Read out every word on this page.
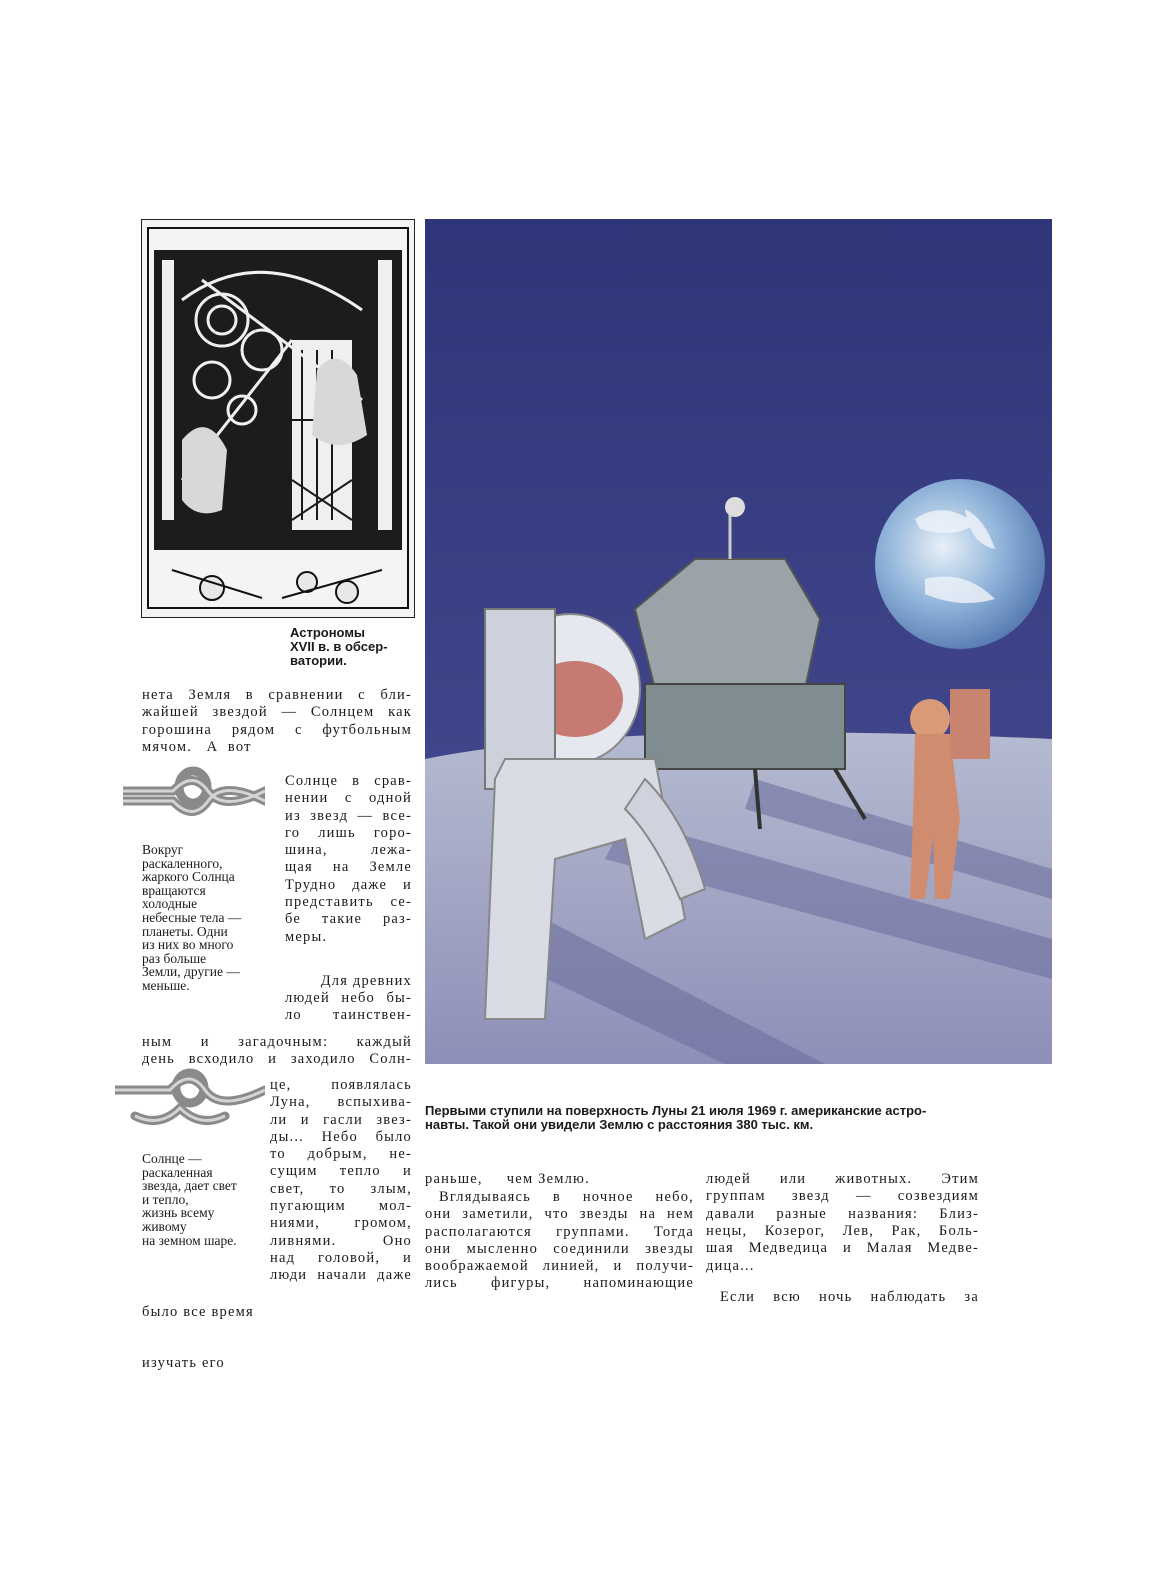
Астрономы
XVII в. в обсер-
ватории.
Первыми ступили на поверхность Луны 21 июля 1969 г. американские астро-
навты. Такой они увидели Землю с расстояния 380 тыс. км.
нета Земля в сравнении с бли-
жайшей звездой — Солнцем как
горошина рядом с футбольным
мячом.   А  вот
Солнце в срав-
нении с одной
из звезд — все-
го лишь горо-
шина, лежа-
щая на Земле
Трудно даже и
представить се-
бе такие раз-
меры.
Для древних
людей небо бы-
ло таинствен-
Вокруг
раскаленного,
жаркого Солнца
вращаются
холодные
небесные тела —
планеты. Одни
из них во много
раз больше
Земли, другие —
меньше.
ным и загадочным: каждый
день всходило и заходило Солн-
це, появлялась
Луна, вспыхива-
ли и гасли звез-
ды... Небо было
то добрым, не-
сущим тепло и
свет, то злым,
пугающим мол-
ниями, громом,
ливнями. Оно
над головой, и
люди начали даже
Солнце —
раскаленная
звезда, дает свет
и тепло,
жизнь всему
живому
на земном шаре.

было все время

изучать его

раньше,     чем Землю.
Вглядываясь в ночное небо,
они заметили, что звезды на нем
располагаются группами. Тогда
они мысленно соединили звезды
воображаемой линией, и получи-
лись фигуры, напоминающие
людей или животных. Этим
группам звезд — созвездиям
давали разные названия: Близ-
нецы, Козерог, Лев, Рак, Боль-
шая Медведица и Малая Медве-
дица...
Если всю ночь наблюдать за
